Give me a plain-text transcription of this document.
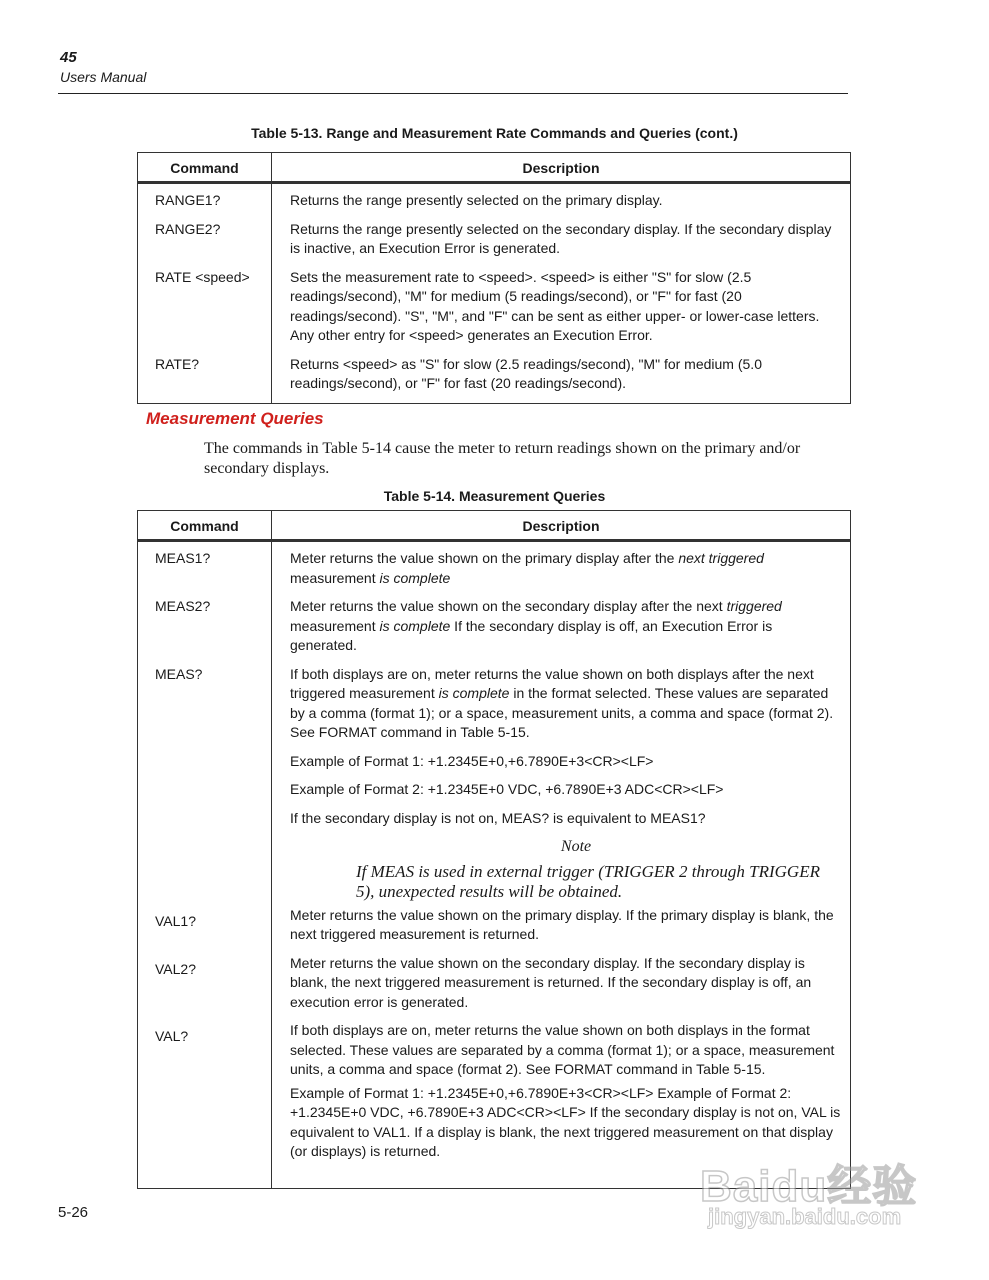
45
Users Manual
Table 5-13. Range and Measurement Rate Commands and Queries (cont.)
Command	Description
RANGE1?	Returns the range presently selected on the primary display.
RANGE2?	Returns the range presently selected on the secondary display. If the secondary display is inactive, an Execution Error is generated.
RATE <speed>	Sets the measurement rate to <speed>. <speed> is either "S" for slow (2.5 readings/second), "M" for medium (5 readings/second), or "F" for fast (20 readings/second). "S", "M", and "F" can be sent as either upper- or lower-case letters. Any other entry for <speed> generates an Execution Error.
RATE?	Returns <speed> as "S" for slow (2.5 readings/second), "M" for medium (5.0 readings/second), or "F" for fast (20 readings/second).
Measurement Queries
The commands in Table 5-14 cause the meter to return readings shown on the primary and/or secondary displays.
Table 5-14. Measurement Queries
Command	Description
MEAS1?	Meter returns the value shown on the primary display after the next triggered measurement is complete
MEAS2?	Meter returns the value shown on the secondary display after the next triggered measurement is complete If the secondary display is off, an Execution Error is generated.
MEAS?	If both displays are on, meter returns the value shown on both displays after the next triggered measurement is complete in the format selected. These values are separated by a comma (format 1); or a space, measurement units, a comma and space (format 2). See FORMAT command in Table 5-15.

Example of Format 1: +1.2345E+0,+6.7890E+3<CR><LF>

Example of Format 2: +1.2345E+0 VDC, +6.7890E+3 ADC<CR><LF>

If the secondary display is not on, MEAS? is equivalent to MEAS1?

Note

If MEAS is used in external trigger (TRIGGER 2 through TRIGGER 5), unexpected results will be obtained.

VAL1?	Meter returns the value shown on the primary display. If the primary display is blank, the next triggered measurement is returned.
VAL2?	Meter returns the value shown on the secondary display. If the secondary display is blank, the next triggered measurement is returned. If the secondary display is off, an execution error is generated.
VAL?	If both displays are on, meter returns the value shown on both displays in the format selected. These values are separated by a comma (format 1); or a space, measurement units, a comma and space (format 2). See FORMAT command in Table 5-15.

Example of Format 1: +1.2345E+0,+6.7890E+3<CR><LF> Example of Format 2: +1.2345E+0 VDC, +6.7890E+3 ADC<CR><LF> If the secondary display is not on, VAL is equivalent to VAL1. If a display is blank, the next triggered measurement on that display (or displays) is returned.

5-26
Baidu经验
jingyan.baidu.com
